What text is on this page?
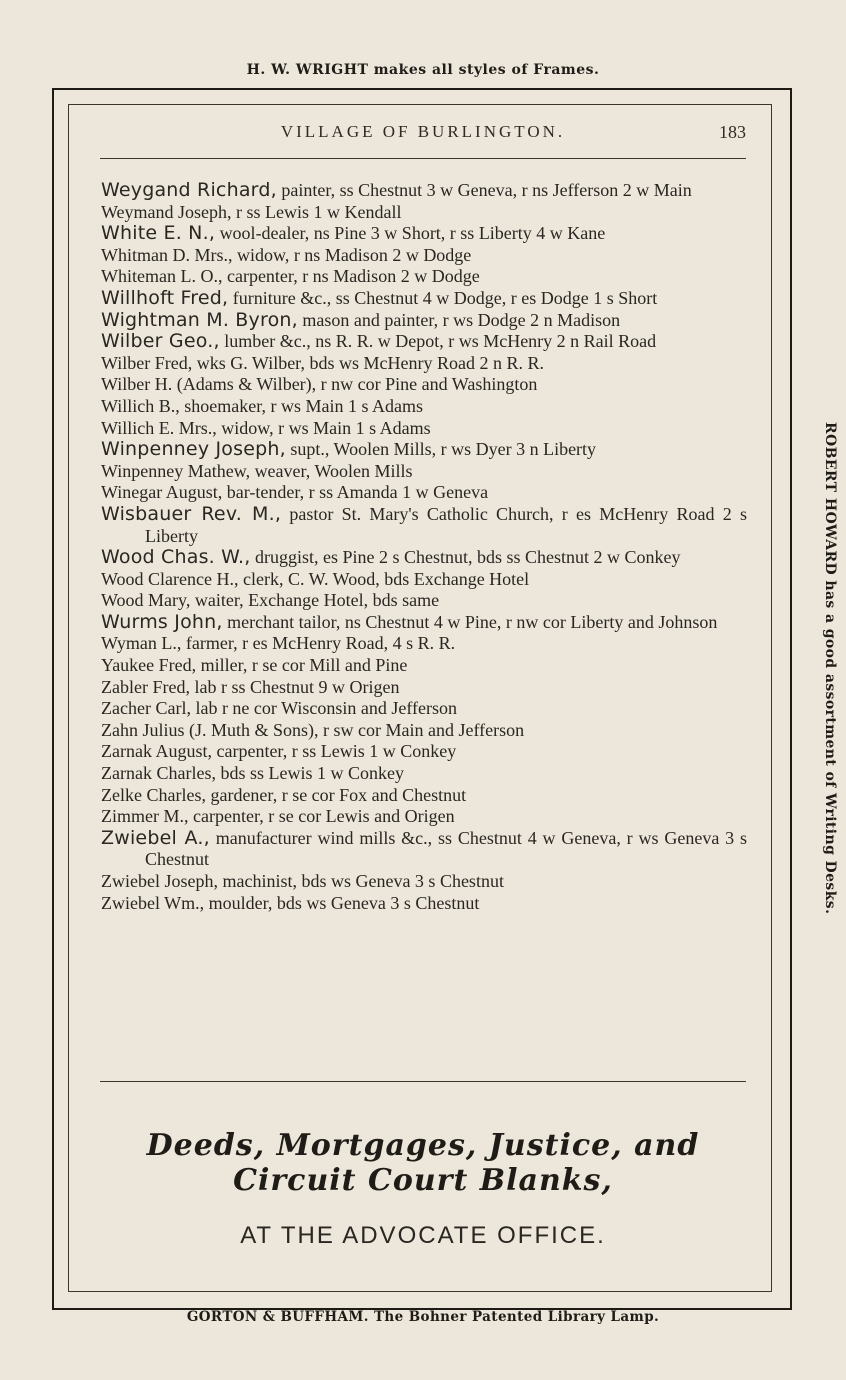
H. W. WRIGHT makes all styles of Frames.
VILLAGE OF BURLINGTON.	183
Weygand Richard, painter, ss Chestnut 3 w Geneva, r ns Jefferson 2 w Main
Weymand Joseph, r ss Lewis 1 w Kendall
White E. N., wool-dealer, ns Pine 3 w Short, r ss Liberty 4 w Kane
Whitman D. Mrs., widow, r ns Madison 2 w Dodge
Whiteman L. O., carpenter, r ns Madison 2 w Dodge
Willhoft Fred, furniture &c., ss Chestnut 4 w Dodge, r es Dodge 1 s Short
Wightman M. Byron, mason and painter, r ws Dodge 2 n Madison
Wilber Geo., lumber &c., ns R. R. w Depot, r ws McHenry 2 n Rail Road
Wilber Fred, wks G. Wilber, bds ws McHenry Road 2 n R. R.
Wilber H. (Adams & Wilber), r nw cor Pine and Washington
Willich B., shoemaker, r ws Main 1 s Adams
Willich E. Mrs., widow, r ws Main 1 s Adams
Winpenney Joseph, supt., Woolen Mills, r ws Dyer 3 n Liberty
Winpenney Mathew, weaver, Woolen Mills
Winegar August, bar-tender, r ss Amanda 1 w Geneva
Wisbauer Rev. M., pastor St. Mary's Catholic Church, r es McHenry Road 2 s Liberty
Wood Chas. W., druggist, es Pine 2 s Chestnut, bds ss Chestnut 2 w Conkey
Wood Clarence H., clerk, C. W. Wood, bds Exchange Hotel
Wood Mary, waiter, Exchange Hotel, bds same
Wurms John, merchant tailor, ns Chestnut 4 w Pine, r nw cor Liberty and Johnson
Wyman L., farmer, r es McHenry Road, 4 s R. R.
Yaukee Fred, miller, r se cor Mill and Pine
Zabler Fred, lab r ss Chestnut 9 w Origen
Zacher Carl, lab r ne cor Wisconsin and Jefferson
Zahn Julius (J. Muth & Sons), r sw cor Main and Jefferson
Zarnak August, carpenter, r ss Lewis 1 w Conkey
Zarnak Charles, bds ss Lewis 1 w Conkey
Zelke Charles, gardener, r se cor Fox and Chestnut
Zimmer M., carpenter, r se cor Lewis and Origen
Zwiebel A., manufacturer wind mills &c., ss Chestnut 4 w Geneva, r ws Geneva 3 s Chestnut
Zwiebel Joseph, machinist, bds ws Geneva 3 s Chestnut
Zwiebel Wm., moulder, bds ws Geneva 3 s Chestnut
Deeds, Mortgages, Justice, and Circuit Court Blanks,
AT THE ADVOCATE OFFICE.
ROBERT HOWARD has a good assortment of Writing Desks.
GORTON & BUFFHAM. The Bohner Patented Library Lamp.
